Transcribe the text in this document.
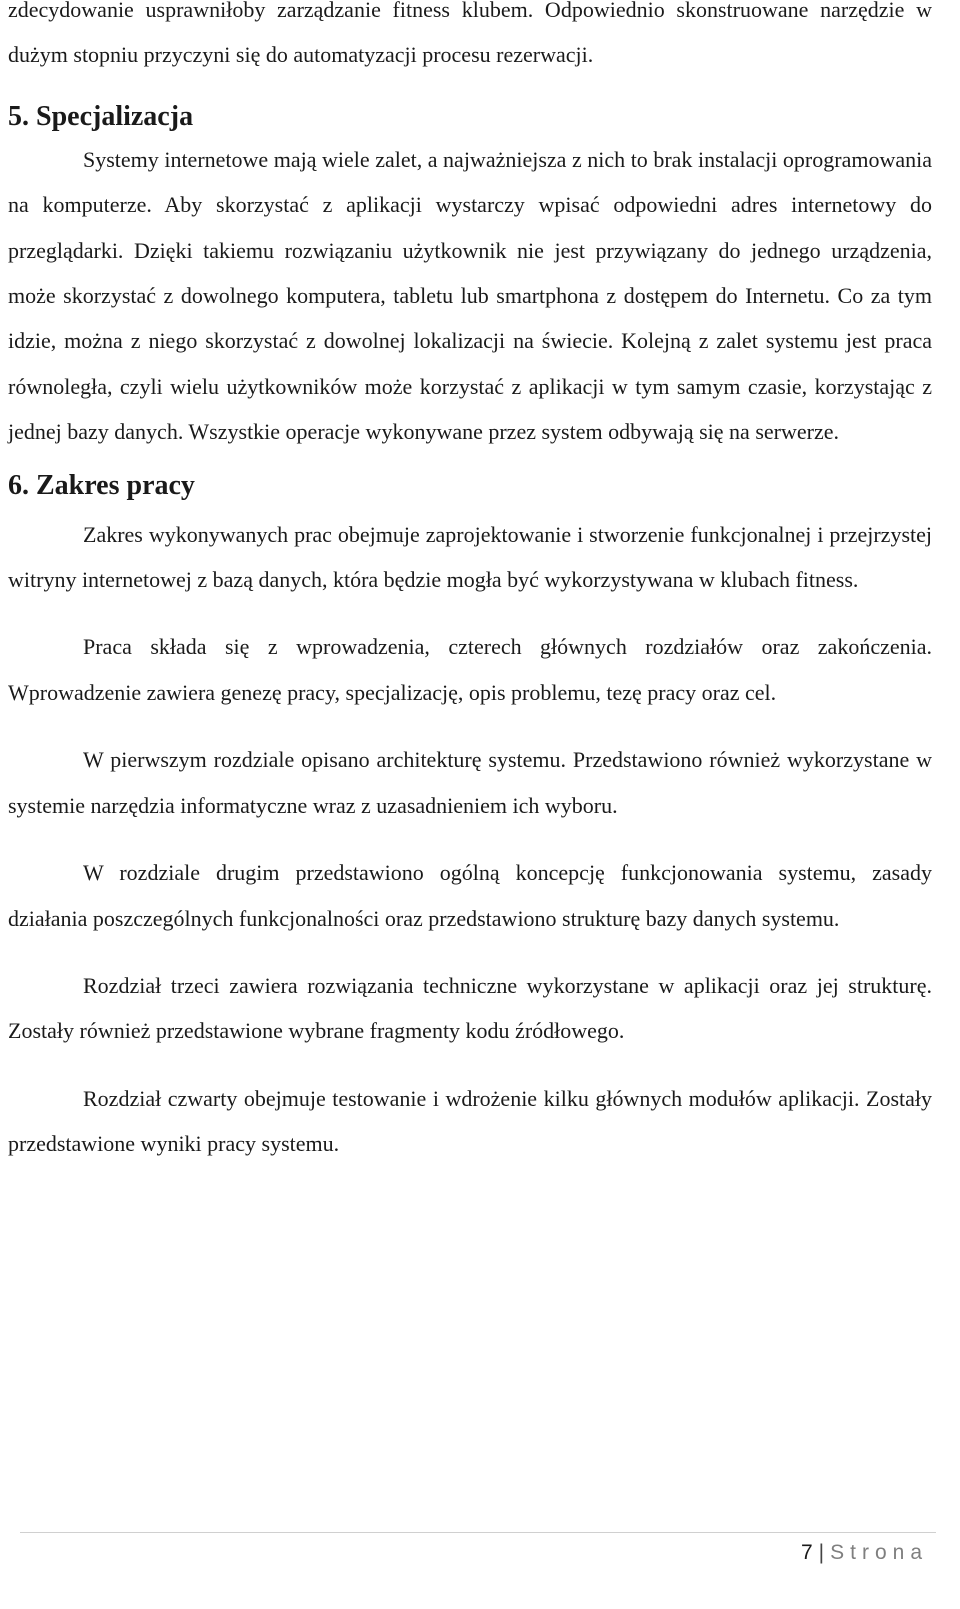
zdecydowanie usprawniłoby zarządzanie fitness klubem. Odpowiednio skonstruowane narzędzie w dużym stopniu przyczyni się do automatyzacji procesu rezerwacji.

5. Specjalizacja

Systemy internetowe mają wiele zalet, a najważniejsza z nich to brak instalacji oprogramowania na komputerze. Aby skorzystać z aplikacji wystarczy wpisać odpowiedni adres internetowy do przeglądarki. Dzięki takiemu rozwiązaniu użytkownik nie jest przywiązany do jednego urządzenia, może skorzystać z dowolnego komputera, tabletu lub smartphona z dostępem do Internetu. Co za tym idzie, można z niego skorzystać z dowolnej lokalizacji na świecie. Kolejną z zalet systemu jest praca równoległa, czyli wielu użytkowników może korzystać z aplikacji w tym samym czasie, korzystając z jednej bazy danych. Wszystkie operacje wykonywane przez system odbywają się na serwerze.

6. Zakres pracy

Zakres wykonywanych prac obejmuje zaprojektowanie i stworzenie funkcjonalnej i przejrzystej witryny internetowej z bazą danych, która będzie mogła być wykorzystywana w klubach fitness.

Praca składa się z wprowadzenia, czterech głównych rozdziałów oraz zakończenia. Wprowadzenie zawiera genezę pracy, specjalizację, opis problemu, tezę pracy oraz cel.

W pierwszym rozdziale opisano architekturę systemu. Przedstawiono również wykorzystane w systemie narzędzia informatyczne wraz z uzasadnieniem ich wyboru.

W rozdziale drugim przedstawiono ogólną koncepcję funkcjonowania systemu, zasady działania poszczególnych funkcjonalności oraz przedstawiono strukturę bazy danych systemu.

Rozdział trzeci zawiera rozwiązania techniczne wykorzystane w aplikacji oraz jej strukturę. Zostały również przedstawione wybrane fragmenty kodu źródłowego.

Rozdział czwarty obejmuje testowanie i wdrożenie kilku głównych modułów aplikacji. Zostały przedstawione wyniki pracy systemu.

7 | Strona
